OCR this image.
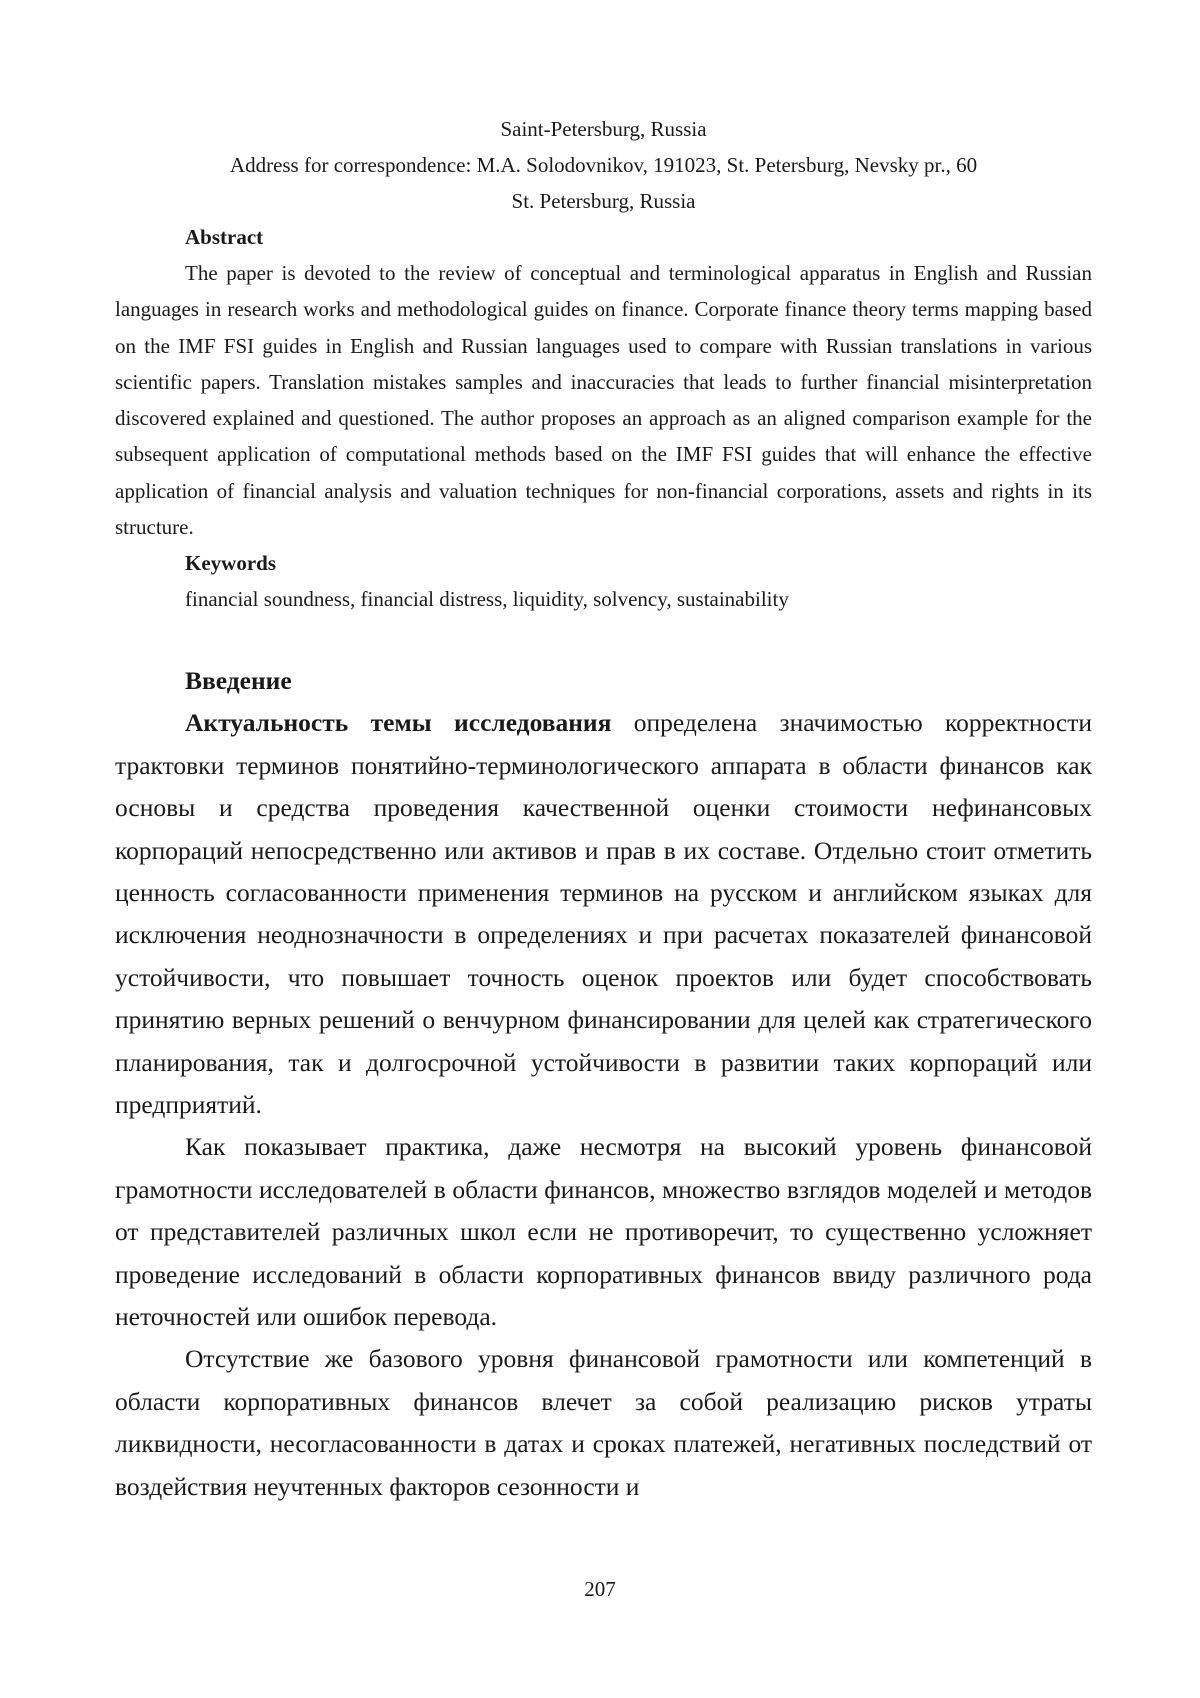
Saint-Petersburg, Russia

Address for correspondence: M.A. Solodovnikov, 191023, St. Petersburg, Nevsky pr., 60

St. Petersburg, Russia

Abstract

The paper is devoted to the review of conceptual and terminological apparatus in English and Russian languages in research works and methodological guides on finance. Corporate finance theory terms mapping based on the IMF FSI guides in English and Russian languages used to compare with Russian translations in various scientific papers. Translation mistakes samples and inaccuracies that leads to further financial misinterpretation discovered explained and questioned. The author proposes an approach as an aligned comparison example for the subsequent application of computational methods based on the IMF FSI guides that will enhance the effective application of financial analysis and valuation techniques for non-financial corporations, assets and rights in its structure.

Keywords

financial soundness, financial distress, liquidity, solvency, sustainability

Введение

Актуальность темы исследования определена значимостью корректности трактовки терминов понятийно-терминологического аппарата в области финансов как основы и средства проведения качественной оценки стоимости нефинансовых корпораций непосредственно или активов и прав в их составе. Отдельно стоит отметить ценность согласованности применения терминов на русском и английском языках для исключения неоднозначности в определениях и при расчетах показателей финансовой устойчивости, что повышает точность оценок проектов или будет способствовать принятию верных решений о венчурном финансировании для целей как стратегического планирования, так и долгосрочной устойчивости в развитии таких корпораций или предприятий.

Как показывает практика, даже несмотря на высокий уровень финансовой грамотности исследователей в области финансов, множество взглядов моделей и методов от представителей различных школ если не противоречит, то существенно усложняет проведение исследований в области корпоративных финансов ввиду различного рода неточностей или ошибок перевода.

Отсутствие же базового уровня финансовой грамотности или компетенций в области корпоративных финансов влечет за собой реализацию рисков утраты ликвидности, несогласованности в датах и сроках платежей, негативных последствий от воздействия неучтенных факторов сезонности и

207
